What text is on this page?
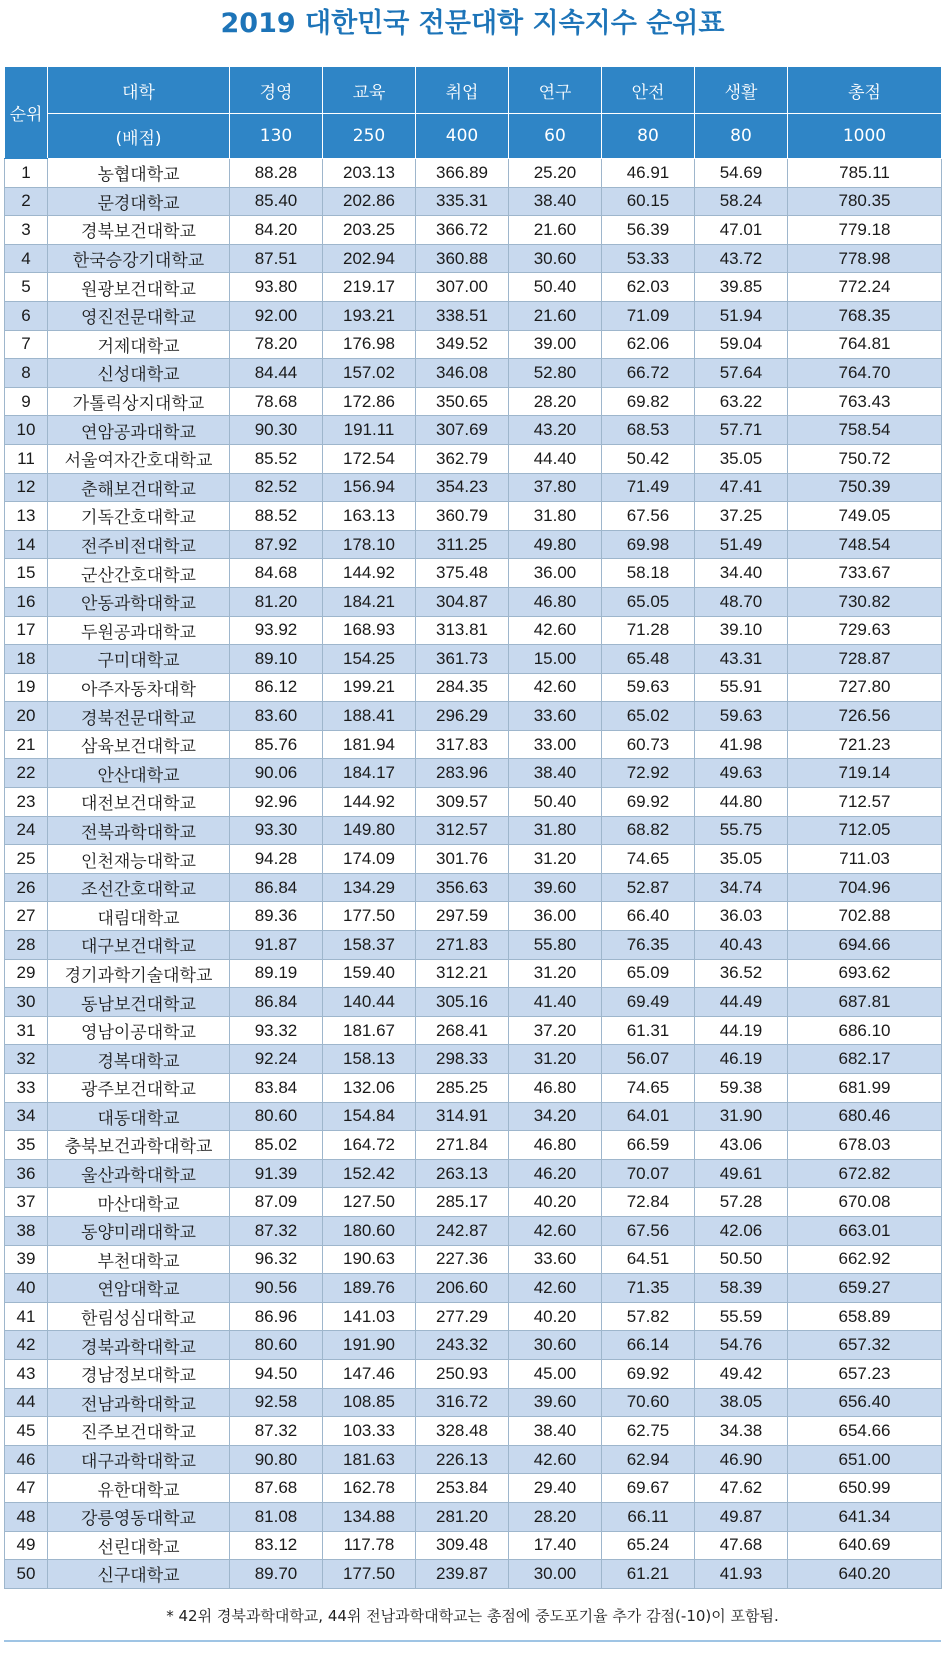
2019 대한민국 전문대학 지속지수 순위표
순위	대학	경영	교육	취업	연구	안전	생활	총점
	(배점)	130	250	400	60	80	80	1000
1	농협대학교	88.28	203.13	366.89	25.20	46.91	54.69	785.11
2	문경대학교	85.40	202.86	335.31	38.40	60.15	58.24	780.35
3	경북보건대학교	84.20	203.25	366.72	21.60	56.39	47.01	779.18
4	한국승강기대학교	87.51	202.94	360.88	30.60	53.33	43.72	778.98
5	원광보건대학교	93.80	219.17	307.00	50.40	62.03	39.85	772.24
6	영진전문대학교	92.00	193.21	338.51	21.60	71.09	51.94	768.35
7	거제대학교	78.20	176.98	349.52	39.00	62.06	59.04	764.81
8	신성대학교	84.44	157.02	346.08	52.80	66.72	57.64	764.70
9	가톨릭상지대학교	78.68	172.86	350.65	28.20	69.82	63.22	763.43
10	연암공과대학교	90.30	191.11	307.69	43.20	68.53	57.71	758.54
11	서울여자간호대학교	85.52	172.54	362.79	44.40	50.42	35.05	750.72
12	춘해보건대학교	82.52	156.94	354.23	37.80	71.49	47.41	750.39
13	기독간호대학교	88.52	163.13	360.79	31.80	67.56	37.25	749.05
14	전주비전대학교	87.92	178.10	311.25	49.80	69.98	51.49	748.54
15	군산간호대학교	84.68	144.92	375.48	36.00	58.18	34.40	733.67
16	안동과학대학교	81.20	184.21	304.87	46.80	65.05	48.70	730.82
17	두원공과대학교	93.92	168.93	313.81	42.60	71.28	39.10	729.63
18	구미대학교	89.10	154.25	361.73	15.00	65.48	43.31	728.87
19	아주자동차대학	86.12	199.21	284.35	42.60	59.63	55.91	727.80
20	경북전문대학교	83.60	188.41	296.29	33.60	65.02	59.63	726.56
21	삼육보건대학교	85.76	181.94	317.83	33.00	60.73	41.98	721.23
22	안산대학교	90.06	184.17	283.96	38.40	72.92	49.63	719.14
23	대전보건대학교	92.96	144.92	309.57	50.40	69.92	44.80	712.57
24	전북과학대학교	93.30	149.80	312.57	31.80	68.82	55.75	712.05
25	인천재능대학교	94.28	174.09	301.76	31.20	74.65	35.05	711.03
26	조선간호대학교	86.84	134.29	356.63	39.60	52.87	34.74	704.96
27	대림대학교	89.36	177.50	297.59	36.00	66.40	36.03	702.88
28	대구보건대학교	91.87	158.37	271.83	55.80	76.35	40.43	694.66
29	경기과학기술대학교	89.19	159.40	312.21	31.20	65.09	36.52	693.62
30	동남보건대학교	86.84	140.44	305.16	41.40	69.49	44.49	687.81
31	영남이공대학교	93.32	181.67	268.41	37.20	61.31	44.19	686.10
32	경복대학교	92.24	158.13	298.33	31.20	56.07	46.19	682.17
33	광주보건대학교	83.84	132.06	285.25	46.80	74.65	59.38	681.99
34	대동대학교	80.60	154.84	314.91	34.20	64.01	31.90	680.46
35	충북보건과학대학교	85.02	164.72	271.84	46.80	66.59	43.06	678.03
36	울산과학대학교	91.39	152.42	263.13	46.20	70.07	49.61	672.82
37	마산대학교	87.09	127.50	285.17	40.20	72.84	57.28	670.08
38	동양미래대학교	87.32	180.60	242.87	42.60	67.56	42.06	663.01
39	부천대학교	96.32	190.63	227.36	33.60	64.51	50.50	662.92
40	연암대학교	90.56	189.76	206.60	42.60	71.35	58.39	659.27
41	한림성심대학교	86.96	141.03	277.29	40.20	57.82	55.59	658.89
42	경북과학대학교	80.60	191.90	243.32	30.60	66.14	54.76	657.32
43	경남정보대학교	94.50	147.46	250.93	45.00	69.92	49.42	657.23
44	전남과학대학교	92.58	108.85	316.72	39.60	70.60	38.05	656.40
45	진주보건대학교	87.32	103.33	328.48	38.40	62.75	34.38	654.66
46	대구과학대학교	90.80	181.63	226.13	42.60	62.94	46.90	651.00
47	유한대학교	87.68	162.78	253.84	29.40	69.67	47.62	650.99
48	강릉영동대학교	81.08	134.88	281.20	28.20	66.11	49.87	641.34
49	선린대학교	83.12	117.78	309.48	17.40	65.24	47.68	640.69
50	신구대학교	89.70	177.50	239.87	30.00	61.21	41.93	640.20
* 42위 경북과학대학교, 44위 전남과학대학교는 총점에 중도포기율 추가 감점(-10)이 포함됨.
